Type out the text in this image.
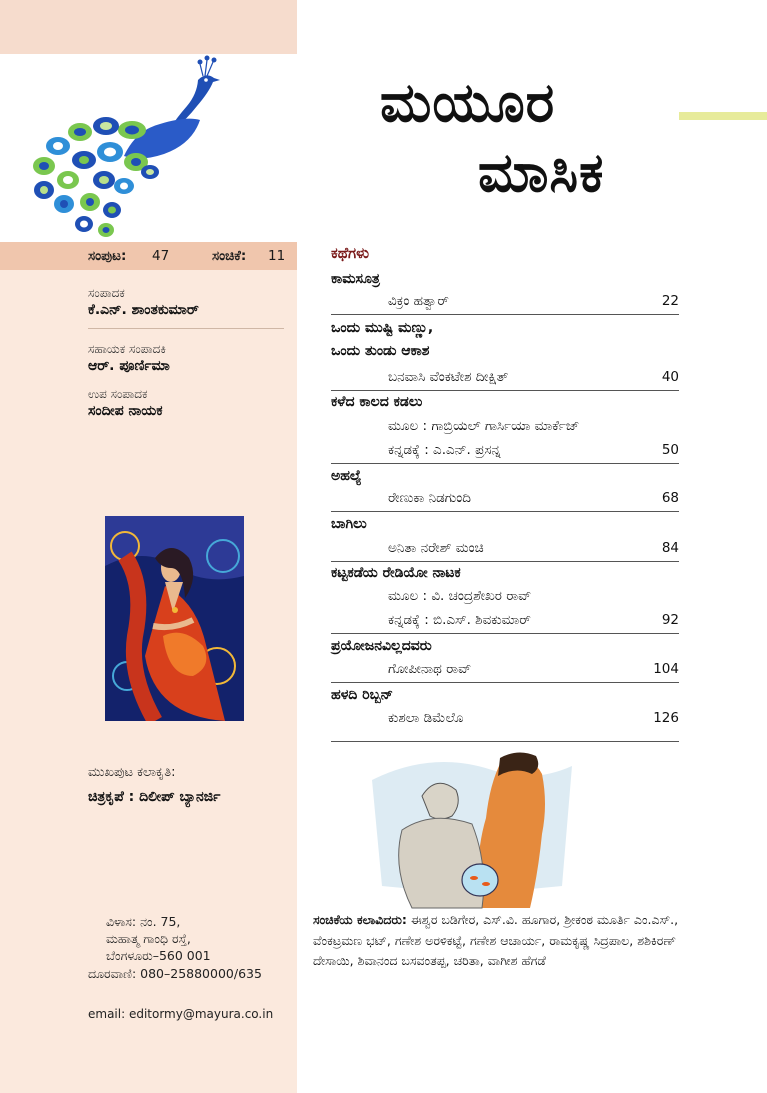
ಸಂಪುಟ: 47	ಸಂಚಿಕೆ: 11
ಸಂಪಾದಕ
ಕೆ.ಎನ್. ಶಾಂತಕುಮಾರ್
ಸಹಾಯಕ ಸಂಪಾದಕಿ
ಆರ್. ಪೂರ್ಣಿಮಾ
ಉಪ ಸಂಪಾದಕ
ಸಂದೀಪ ನಾಯಕ
ಮುಖಪುಟ ಕಲಾಕೃತಿ:
ಚಿತ್ರಕೃಪೆ : ದಿಲೀಪ್ ಬ್ಯಾನರ್ಜಿ
ವಿಳಾಸ: ನಂ. 75,
ಮಹಾತ್ಮ ಗಾಂಧಿ ರಸ್ತೆ,
ಬೆಂಗಳೂರು–560 001
ದೂರವಾಣಿ: 080–25880000/635
email: editormy@mayura.co.in
ಮಯೂರ
ಮಾಸಿಕ
ಕಥೆಗಳು
ಕಾಮಸೂತ್ರ
ವಿಕ್ರಂ ಹತ್ವಾರ್	22
ಒಂದು ಮುಷ್ಟಿ ಮಣ್ಣು,
ಒಂದು ತುಂಡು ಆಕಾಶ
ಬನವಾಸಿ ವೆಂಕಟೇಶ ದೀಕ್ಷಿತ್	40
ಕಳೆದ ಕಾಲದ ಕಡಲು
ಮೂಲ : ಗಾಬ್ರಿಯಲ್ ಗಾರ್ಸಿಯಾ ಮಾರ್ಕೆಜ್
ಕನ್ನಡಕ್ಕೆ : ಎ.ಎನ್. ಪ್ರಸನ್ನ	50
ಅಹಲ್ಯೆ
ರೇಣುಕಾ ನಿಡಗುಂದಿ	68
ಬಾಗಿಲು
ಅನಿತಾ ನರೇಶ್ ಮಂಚಿ	84
ಕಟ್ಟಕಡೆಯ ರೇಡಿಯೋ ನಾಟಕ
ಮೂಲ : ವಿ. ಚಂದ್ರಶೇಖರ ರಾವ್
ಕನ್ನಡಕ್ಕೆ : ಬಿ.ಎಸ್. ಶಿವಕುಮಾರ್	92
ಪ್ರಯೋಜನವಿಲ್ಲದವರು
ಗೋಪೀನಾಥ ರಾವ್	104
ಹಳದಿ ರಿಬ್ಬನ್
ಕುಶಲಾ ಡಿಮೆಲೊ	126
ಸಂಚಿಕೆಯ ಕಲಾವಿದರು: ಈಶ್ವರ ಬಡಿಗೇರ, ಎಸ್.ವಿ. ಹೂಗಾರ, ಶ್ರೀಕಂಠ ಮೂರ್ತಿ ಎಂ.ಎಸ್., ವೆಂಕಟ್ರಮಣ ಭಟ್, ಗಣೇಶ ಅರಳಿಕಟ್ಟೆ, ಗಣೇಶ ಆಚಾರ್ಯ, ರಾಮಕೃಷ್ಣ ಸಿದ್ರಪಾಲ, ಶಶಿಕಿರಣ್ ದೇಸಾಯಿ, ಶಿವಾನಂದ ಬಸವಂತಪ್ಪ, ಚರಿತಾ, ವಾಗೀಶ ಹೆಗಡೆ
